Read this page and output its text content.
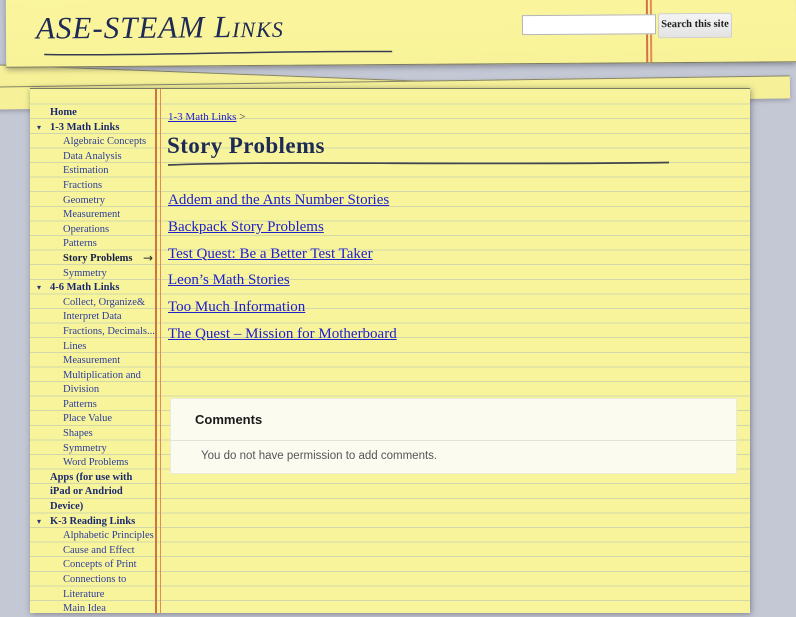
ASE-STEAM Links	Search this site
Home
▾ 1-3 Math Links
Algebraic Concepts
Data Analysis
Estimation
Fractions
Geometry
Measurement
Operations
Patterns
Story Problems →
Symmetry
▾ 4-6 Math Links
Collect, Organize& Interpret Data
Fractions, Decimals...
Lines
Measurement
Multiplication and Division
Patterns
Place Value
Shapes
Symmetry
Word Problems
Apps (for use with iPad or Andriod Device)
▾ K-3 Reading Links
Alphabetic Principles
Cause and Effect
Concepts of Print
Connections to Literature
Main Idea
1-3 Math Links >
Story Problems
Addem and the Ants Number Stories
Backpack Story Problems
Test Quest: Be a Better Test Taker
Leon’s Math Stories
Too Much Information
The Quest – Mission for Motherboard
Comments
You do not have permission to add comments.
